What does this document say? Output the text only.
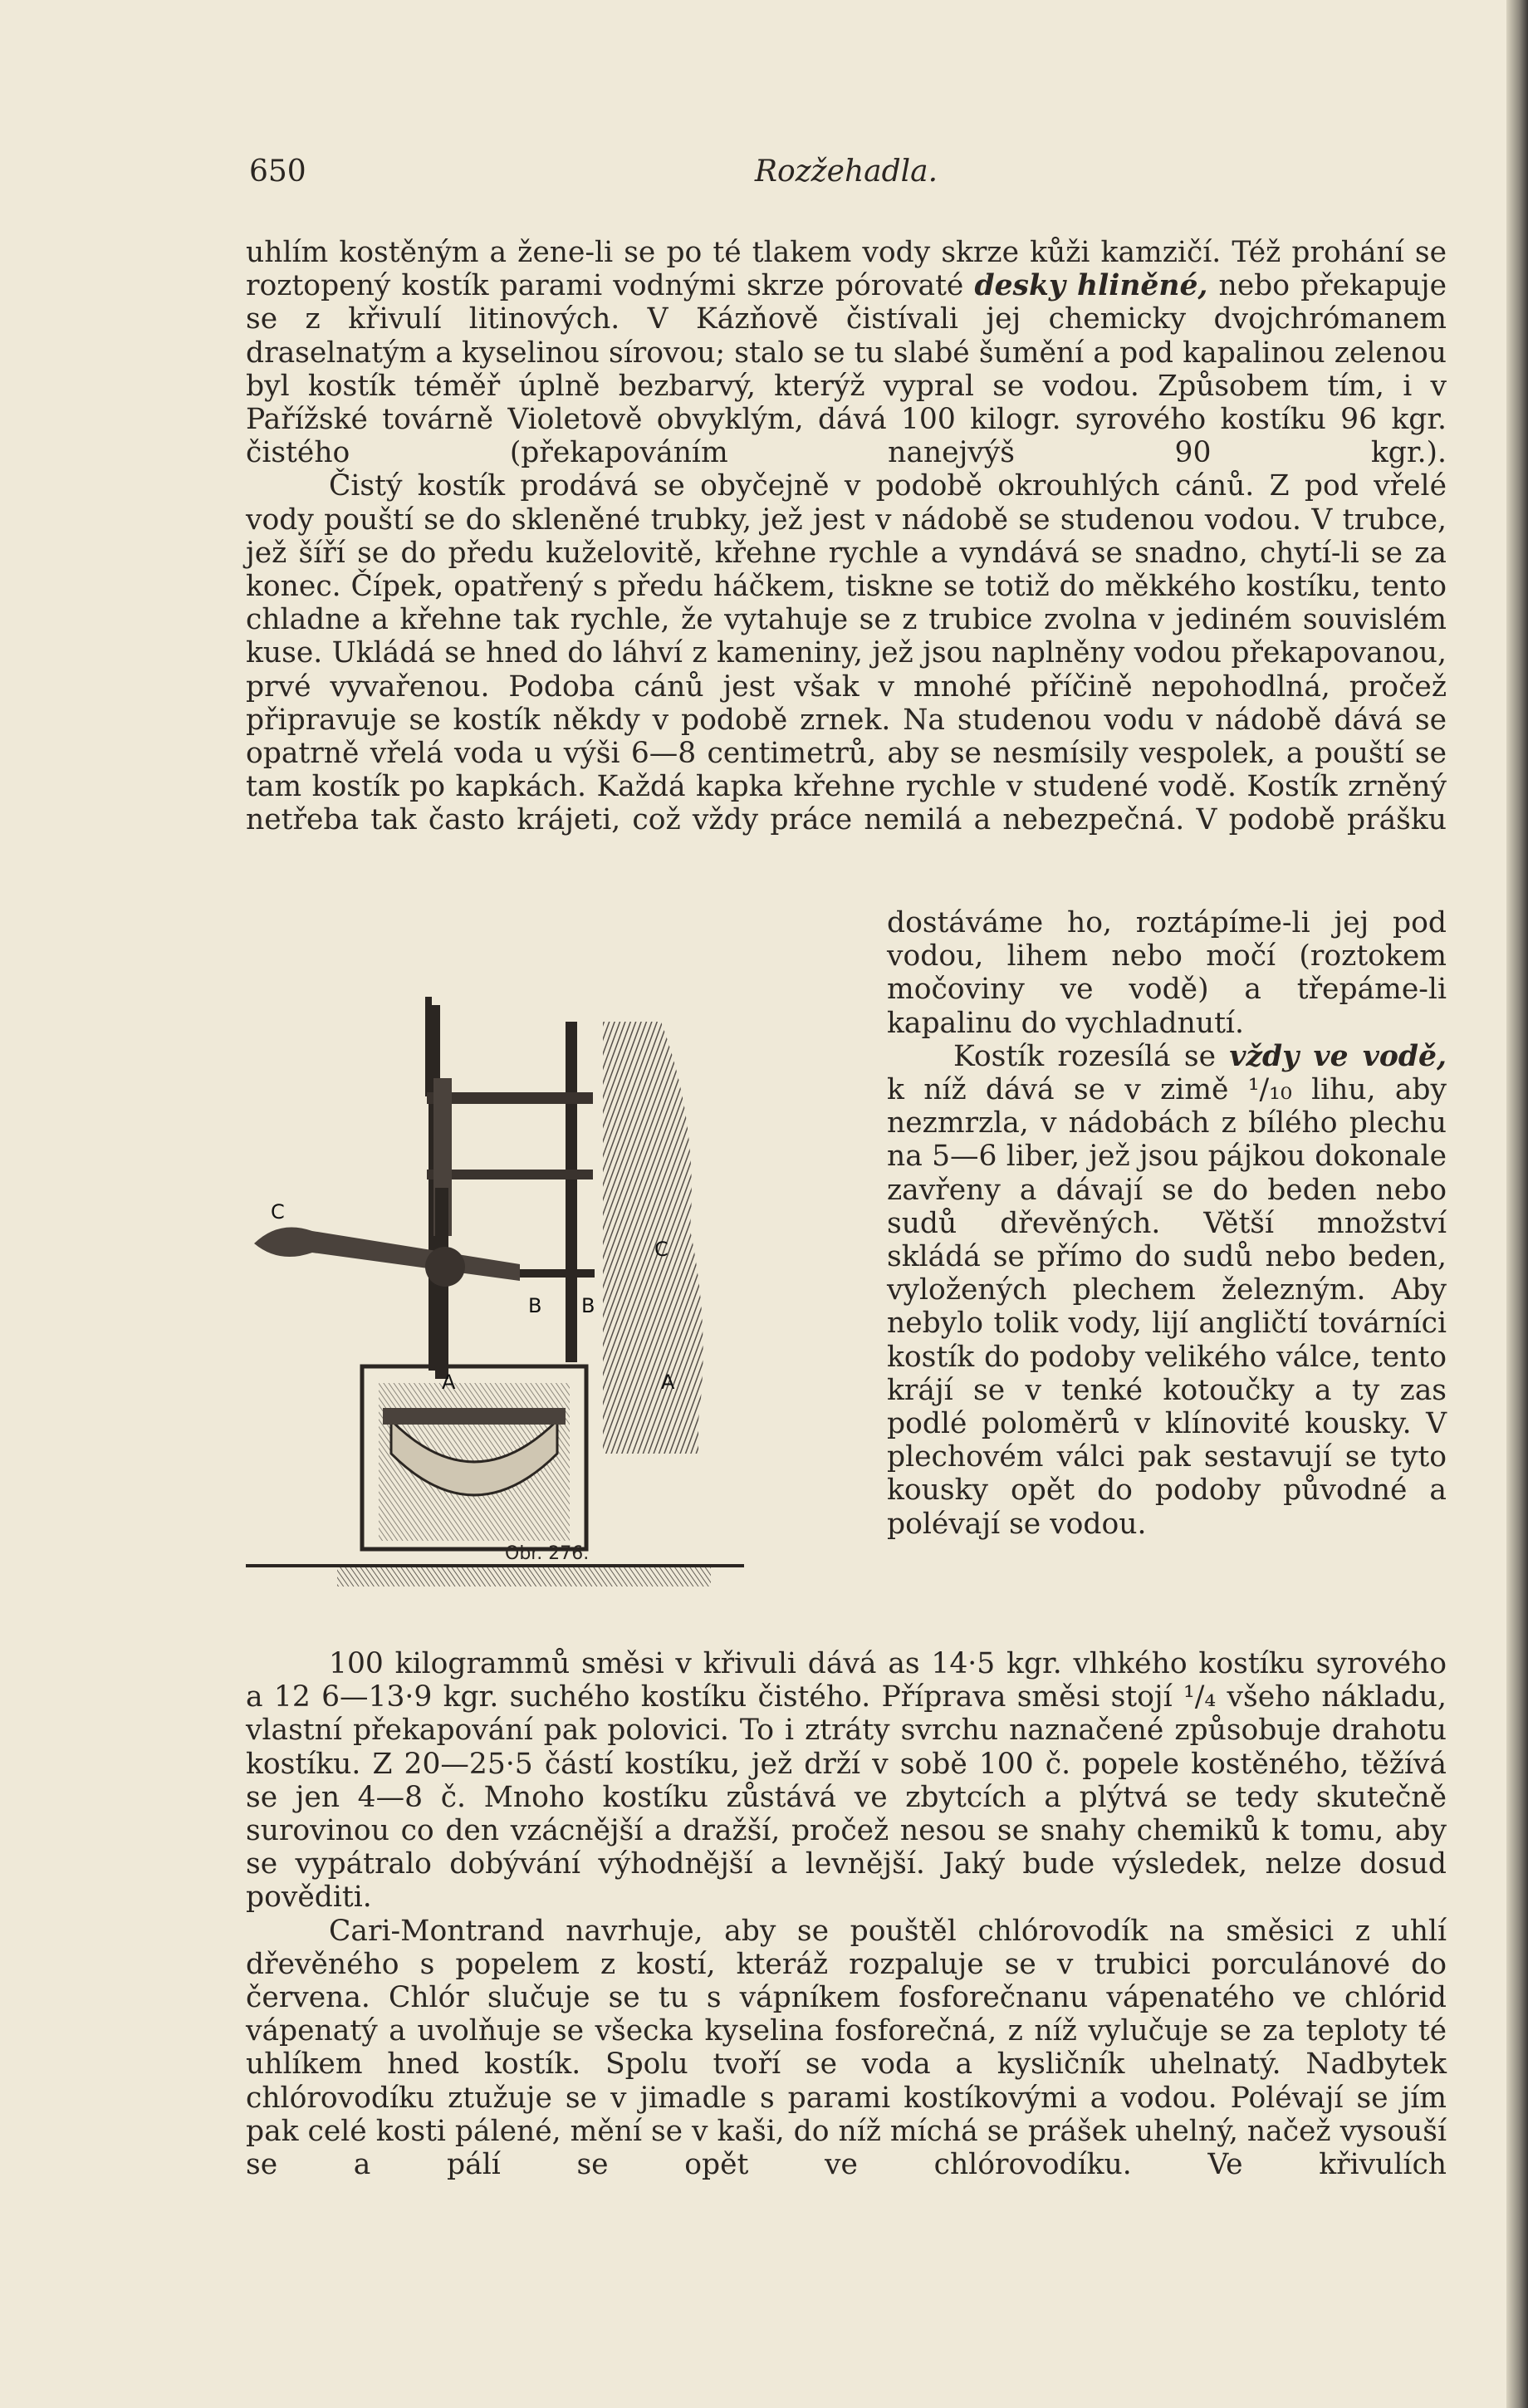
650	Rozžehadla.

uhlím kostěným a žene-li se po té tlakem vody skrze kůži kamzičí. Též prohání se roztopený kostík parami vodnými skrze pórovaté desky hliněné, nebo překapuje se z křivulí litinových. V Kázňově čistívali jej chemicky dvojchrómanem draselnatým a kyselinou sírovou; stalo se tu slabé šumění a pod kapalinou zelenou byl kostík téměř úplně bezbarvý, kterýž vypral se vodou. Způsobem tím, i v Pařížské továrně Violetově obvyklým, dává 100 kilogr. syrového kostíku 96 kgr. čistého (překapováním nanejvýš 90 kgr.).

Čistý kostík prodává se obyčejně v podobě okrouhlých cánů. Z pod vřelé vody pouští se do skleněné trubky, jež jest v nádobě se studenou vodou. V trubce, jež šíří se do předu kuželovitě, křehne rychle a vyndává se snadno, chytí-li se za konec. Čípek, opatřený s předu háčkem, tiskne se totiž do měkkého kostíku, tento chladne a křehne tak rychle, že vytahuje se z trubice zvolna v jediném souvislém kuse. Ukládá se hned do láhví z kameniny, jež jsou naplněny vodou překapovanou, prvé vyvařenou. Podoba cánů jest však v mnohé příčině nepohodlná, pročež připravuje se kostík někdy v podobě zrnek. Na studenou vodu v nádobě dává se opatrně vřelá voda u výši 6—8 centimetrů, aby se nesmísily vespolek, a pouští se tam kostík po kapkách. Každá kapka křehne rychle v studené vodě. Kostík zrněný netřeba tak často krájeti, což vždy práce nemilá a nebezpečná. V podobě prášku

dostáváme ho, roztápíme-li jej pod vodou, lihem nebo močí (roztokem močoviny ve vodě) a třepáme-li kapalinu do vychladnutí.

Kostík rozesílá se vždy ve vodě, k níž dává se v zimě ¹/₁₀ lihu, aby nezmrzla, v nádobách z bílého plechu na 5—6 liber, jež jsou pájkou dokonale zavřeny a dávají se do beden nebo sudů dřevěných. Větší množství skládá se přímo do sudů nebo beden, vyložených plechem železným. Aby nebylo tolik vody, lijí angličtí továrníci kostík do podoby velikého válce, tento krájí se v tenké kotoučky a ty zas podlé poloměrů v klínovité kousky. V plechovém válci pak sestavují se tyto kousky opět do podoby původné a polévají se vodou.

C
C
B B
A	A
Obr. 276.

100 kilogrammů směsi v křivuli dává as 14·5 kgr. vlhkého kostíku syrového a 12 6—13·9 kgr. suchého kostíku čistého. Příprava směsi stojí ¹/₄ všeho nákladu, vlastní překapování pak polovici. To i ztráty svrchu naznačené způsobuje drahotu kostíku. Z 20—25·5 částí kostíku, jež drží v sobě 100 č. popele kostěného, těžívá se jen 4—8 č. Mnoho kostíku zůstává ve zbytcích a plýtvá se tedy skutečně surovinou co den vzácnější a dražší, pročež nesou se snahy chemiků k tomu, aby se vypátralo dobývání výhodnější a levnější. Jaký bude výsledek, nelze dosud pověditi.

Cari-Montrand navrhuje, aby se pouštěl chlórovodík na směsici z uhlí dřevěného s popelem z kostí, kteráž rozpaluje se v trubici porculánové do červena. Chlór slučuje se tu s vápníkem fosforečnanu vápenatého ve chlórid vápenatý a uvolňuje se všecka kyselina fosforečná, z níž vylučuje se za teploty té uhlíkem hned kostík. Spolu tvoří se voda a kysličník uhelnatý. Nadbytek chlórovodíku ztužuje se v jimadle s parami kostíkovými a vodou. Polévají se jím pak celé kosti pálené, mění se v kaši, do níž míchá se prášek uhelný, načež vysouší se a pálí se opět ve chlórovodíku. Ve křivulích
